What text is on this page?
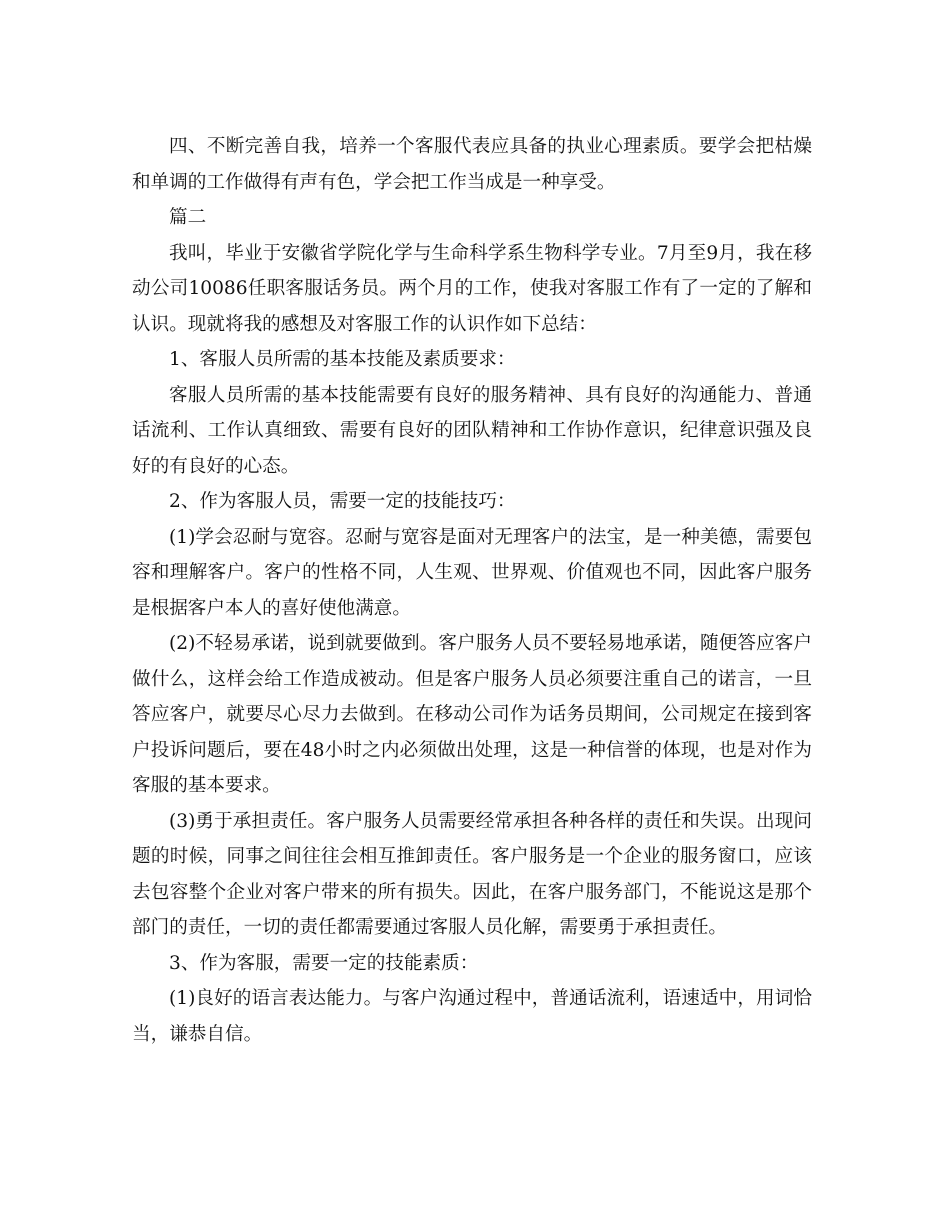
四、不断完善自我，培养一个客服代表应具备的执业心理素质。要学会把枯燥和单调的工作做得有声有色，学会把工作当成是一种享受。

篇二

我叫，毕业于安徽省学院化学与生命科学系生物科学专业。7月至9月，我在移动公司10086任职客服话务员。两个月的工作，使我对客服工作有了一定的了解和认识。现就将我的感想及对客服工作的认识作如下总结：

1、客服人员所需的基本技能及素质要求：

客服人员所需的基本技能需要有良好的服务精神、具有良好的沟通能力、普通话流利、工作认真细致、需要有良好的团队精神和工作协作意识，纪律意识强及良好的有良好的心态。

2、作为客服人员，需要一定的技能技巧：

(1)学会忍耐与宽容。忍耐与宽容是面对无理客户的法宝，是一种美德，需要包容和理解客户。客户的性格不同，人生观、世界观、价值观也不同，因此客户服务是根据客户本人的喜好使他满意。

(2)不轻易承诺，说到就要做到。客户服务人员不要轻易地承诺，随便答应客户做什么，这样会给工作造成被动。但是客户服务人员必须要注重自己的诺言，一旦答应客户，就要尽心尽力去做到。在移动公司作为话务员期间，公司规定在接到客户投诉问题后，要在48小时之内必须做出处理，这是一种信誉的体现，也是对作为客服的基本要求。

(3)勇于承担责任。客户服务人员需要经常承担各种各样的责任和失误。出现问题的时候，同事之间往往会相互推卸责任。客户服务是一个企业的服务窗口，应该去包容整个企业对客户带来的所有损失。因此，在客户服务部门，不能说这是那个部门的责任，一切的责任都需要通过客服人员化解，需要勇于承担责任。

3、作为客服，需要一定的技能素质：

(1)良好的语言表达能力。与客户沟通过程中，普通话流利，语速适中，用词恰当，谦恭自信。
